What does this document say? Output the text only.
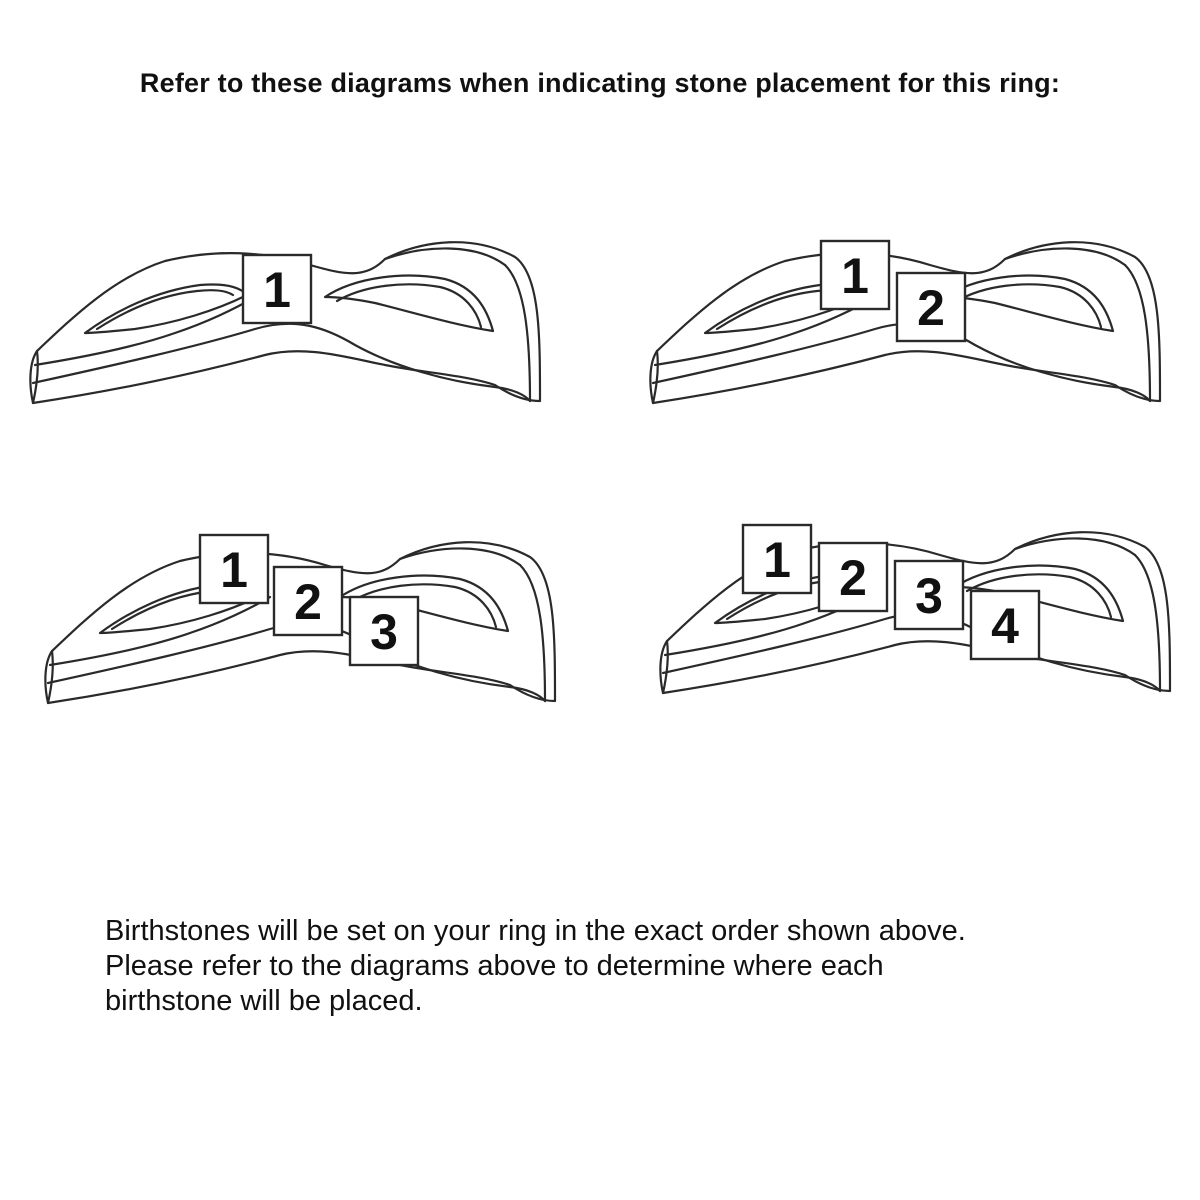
Refer to these diagrams when indicating stone placement for this ring:
1	1
2
1
2
3
1 2 3
4

Birthstones will be set on your ring in the exact order shown above.
Please refer to the diagrams above to determine where each
birthstone will be placed.
